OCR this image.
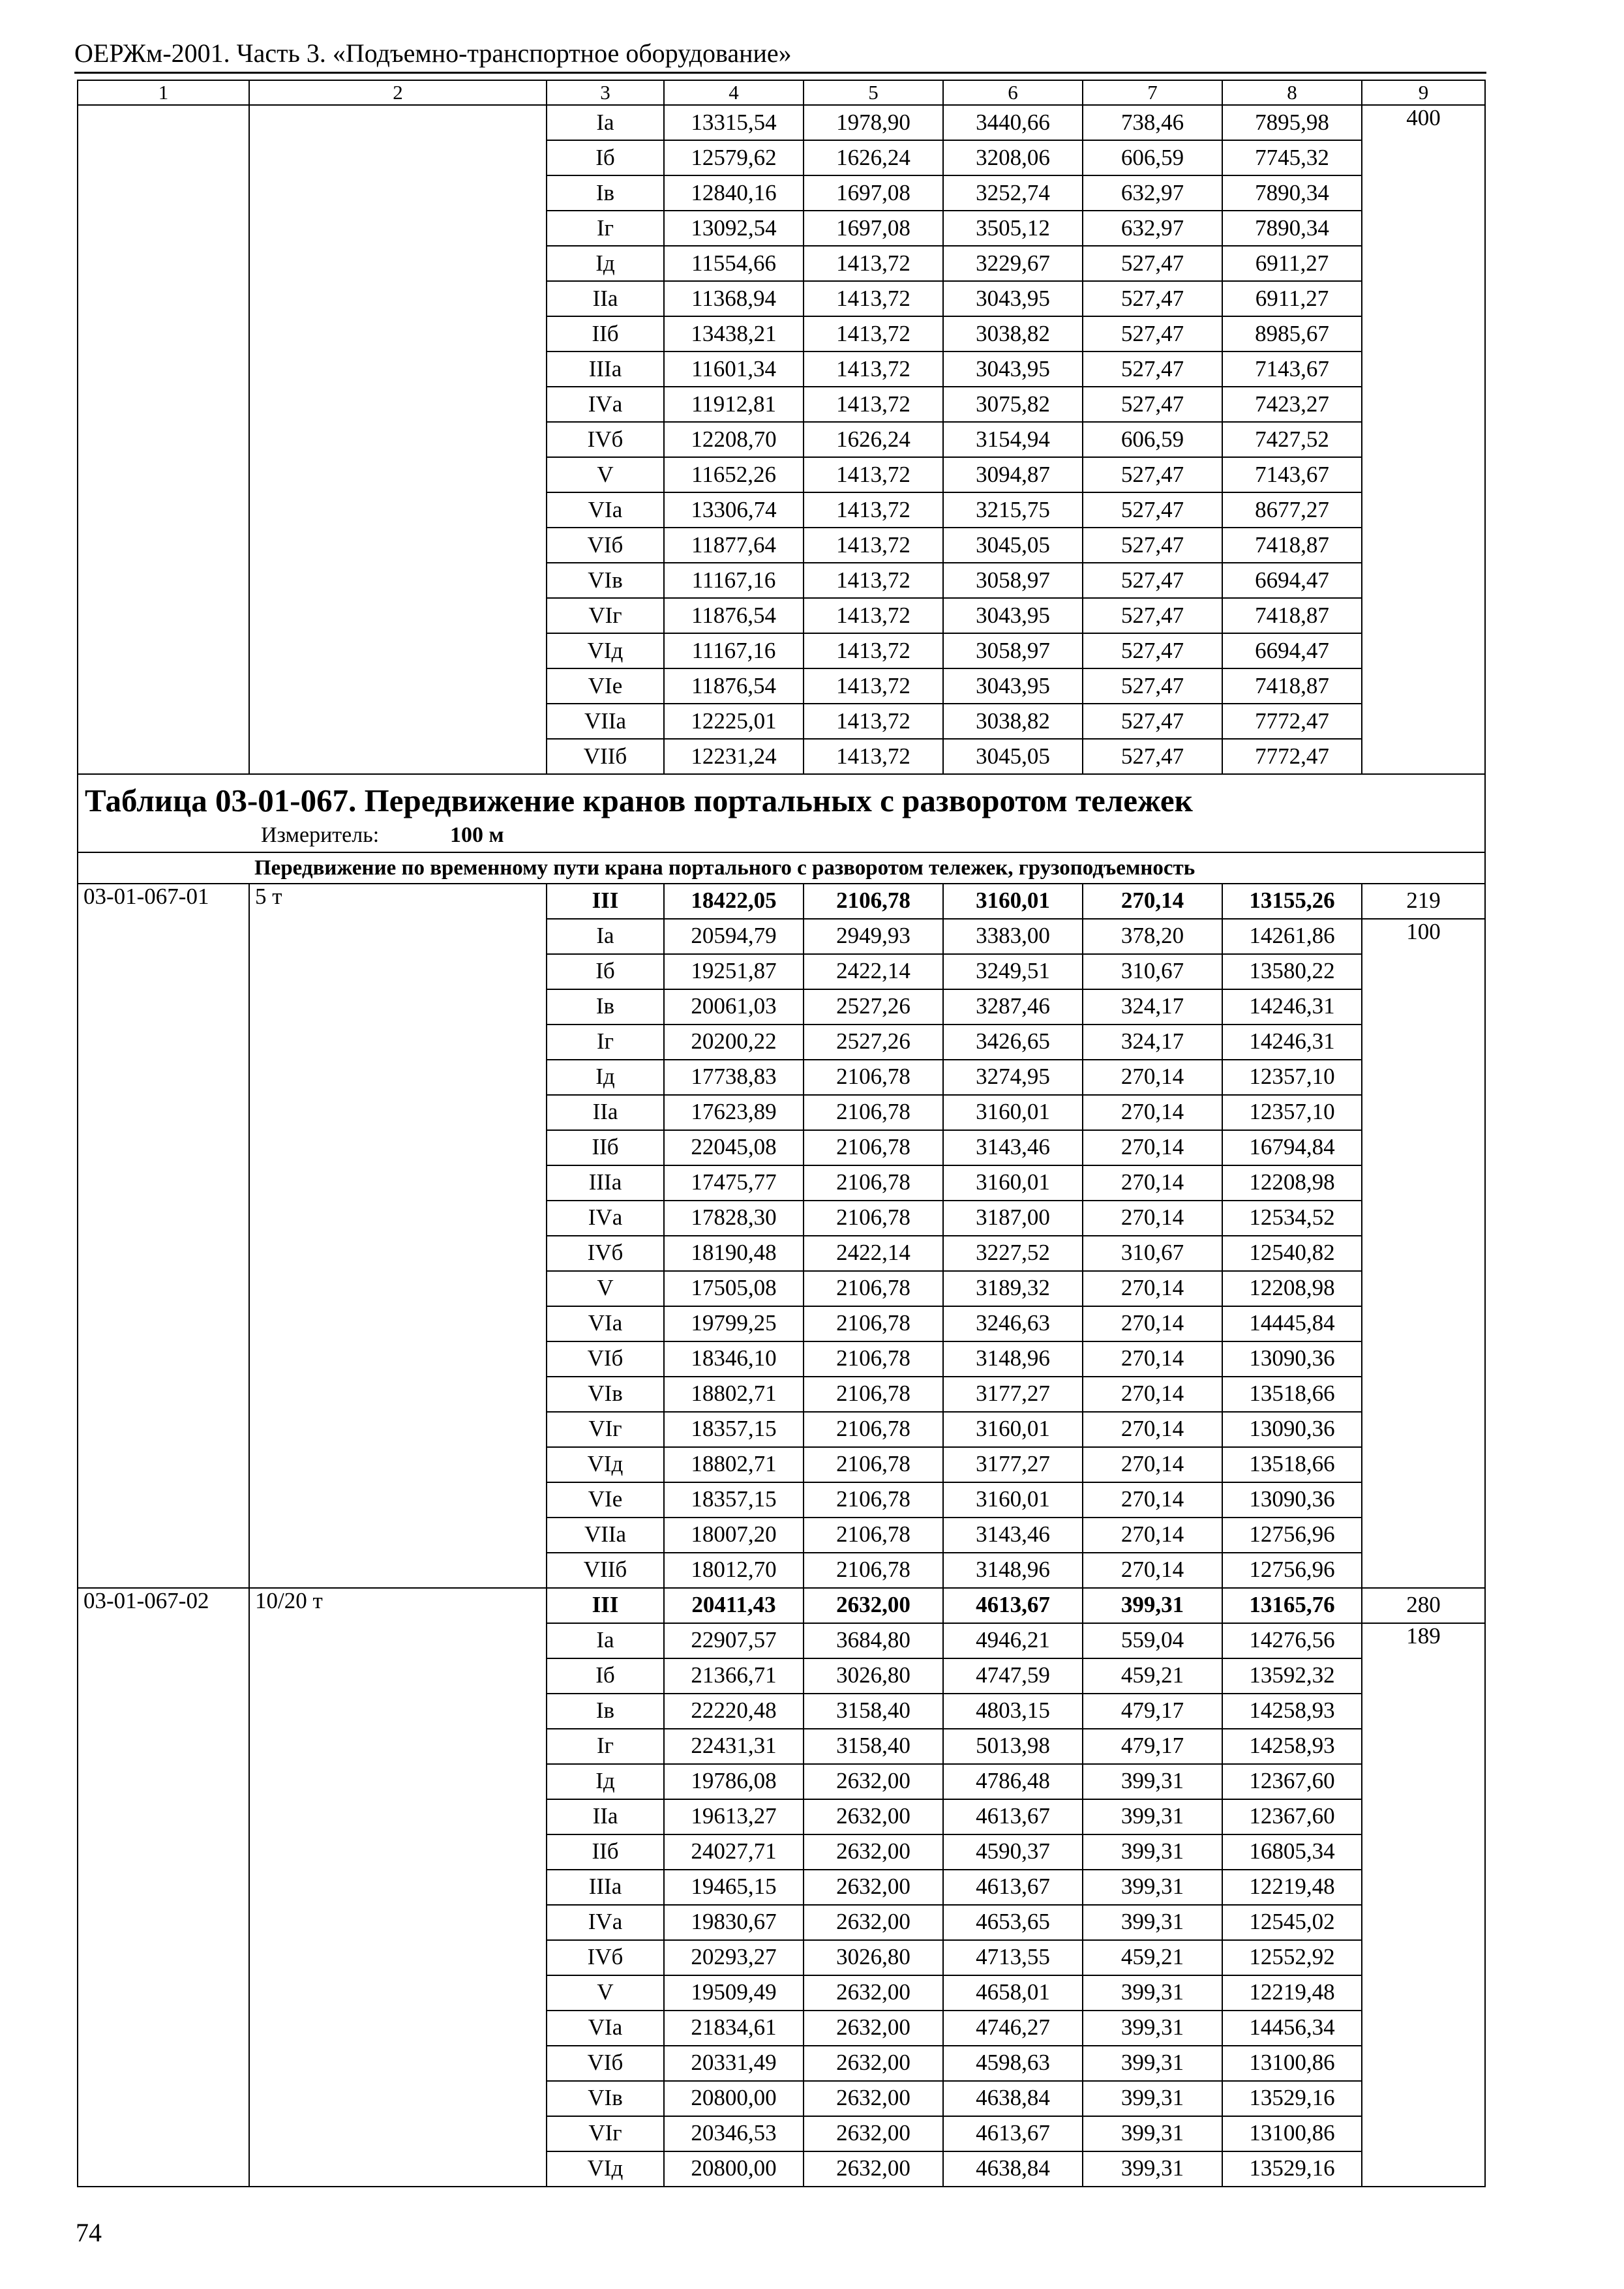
ОЕРЖм-2001. Часть 3. «Подъемно-транспортное оборудование»
1	2	3	4	5	6	7	8	9
		Iа	13315,54	1978,90	3440,66	738,46	7895,98	400
		Iб	12579,62	1626,24	3208,06	606,59	7745,32	
		Iв	12840,16	1697,08	3252,74	632,97	7890,34	
		Iг	13092,54	1697,08	3505,12	632,97	7890,34	
		Iд	11554,66	1413,72	3229,67	527,47	6911,27	
		IIа	11368,94	1413,72	3043,95	527,47	6911,27	
		IIб	13438,21	1413,72	3038,82	527,47	8985,67	
		IIIа	11601,34	1413,72	3043,95	527,47	7143,67	
		IVа	11912,81	1413,72	3075,82	527,47	7423,27	
		IVб	12208,70	1626,24	3154,94	606,59	7427,52	
		V	11652,26	1413,72	3094,87	527,47	7143,67	
		VIа	13306,74	1413,72	3215,75	527,47	8677,27	
		VIб	11877,64	1413,72	3045,05	527,47	7418,87	
		VIв	11167,16	1413,72	3058,97	527,47	6694,47	
		VIг	11876,54	1413,72	3043,95	527,47	7418,87	
		VIд	11167,16	1413,72	3058,97	527,47	6694,47	
		VIе	11876,54	1413,72	3043,95	527,47	7418,87	
		VIIа	12225,01	1413,72	3038,82	527,47	7772,47	
		VIIб	12231,24	1413,72	3045,05	527,47	7772,47	

Таблица 03-01-067. Передвижение кранов портальных с разворотом тележек
Измеритель: 100 м								

Передвижение по временному пути крана портального с разворотом тележек, грузоподъемность								
03-01-067-01	5 т	III	18422,05	2106,78	3160,01	270,14	13155,26	219
		Iа	20594,79	2949,93	3383,00	378,20	14261,86	100
		Iб	19251,87	2422,14	3249,51	310,67	13580,22	
		Iв	20061,03	2527,26	3287,46	324,17	14246,31	
		Iг	20200,22	2527,26	3426,65	324,17	14246,31	
		Iд	17738,83	2106,78	3274,95	270,14	12357,10	
		IIа	17623,89	2106,78	3160,01	270,14	12357,10	
		IIб	22045,08	2106,78	3143,46	270,14	16794,84	
		IIIа	17475,77	2106,78	3160,01	270,14	12208,98	
		IVа	17828,30	2106,78	3187,00	270,14	12534,52	
		IVб	18190,48	2422,14	3227,52	310,67	12540,82	
		V	17505,08	2106,78	3189,32	270,14	12208,98	
		VIа	19799,25	2106,78	3246,63	270,14	14445,84	
		VIб	18346,10	2106,78	3148,96	270,14	13090,36	
		VIв	18802,71	2106,78	3177,27	270,14	13518,66	
		VIг	18357,15	2106,78	3160,01	270,14	13090,36	
		VIд	18802,71	2106,78	3177,27	270,14	13518,66	
		VIе	18357,15	2106,78	3160,01	270,14	13090,36	
		VIIа	18007,20	2106,78	3143,46	270,14	12756,96	
		VIIб	18012,70	2106,78	3148,96	270,14	12756,96	
03-01-067-02	10/20 т	III	20411,43	2632,00	4613,67	399,31	13165,76	280
		Iа	22907,57	3684,80	4946,21	559,04	14276,56	189
		Iб	21366,71	3026,80	4747,59	459,21	13592,32	
		Iв	22220,48	3158,40	4803,15	479,17	14258,93	
		Iг	22431,31	3158,40	5013,98	479,17	14258,93	
		Iд	19786,08	2632,00	4786,48	399,31	12367,60	
		IIа	19613,27	2632,00	4613,67	399,31	12367,60	
		IIб	24027,71	2632,00	4590,37	399,31	16805,34	
		IIIа	19465,15	2632,00	4613,67	399,31	12219,48	
		IVа	19830,67	2632,00	4653,65	399,31	12545,02	
		IVб	20293,27	3026,80	4713,55	459,21	12552,92	
		V	19509,49	2632,00	4658,01	399,31	12219,48	
		VIа	21834,61	2632,00	4746,27	399,31	14456,34	
		VIб	20331,49	2632,00	4598,63	399,31	13100,86	
		VIв	20800,00	2632,00	4638,84	399,31	13529,16	
		VIг	20346,53	2632,00	4613,67	399,31	13100,86	
		VIд	20800,00	2632,00	4638,84	399,31	13529,16	
74
